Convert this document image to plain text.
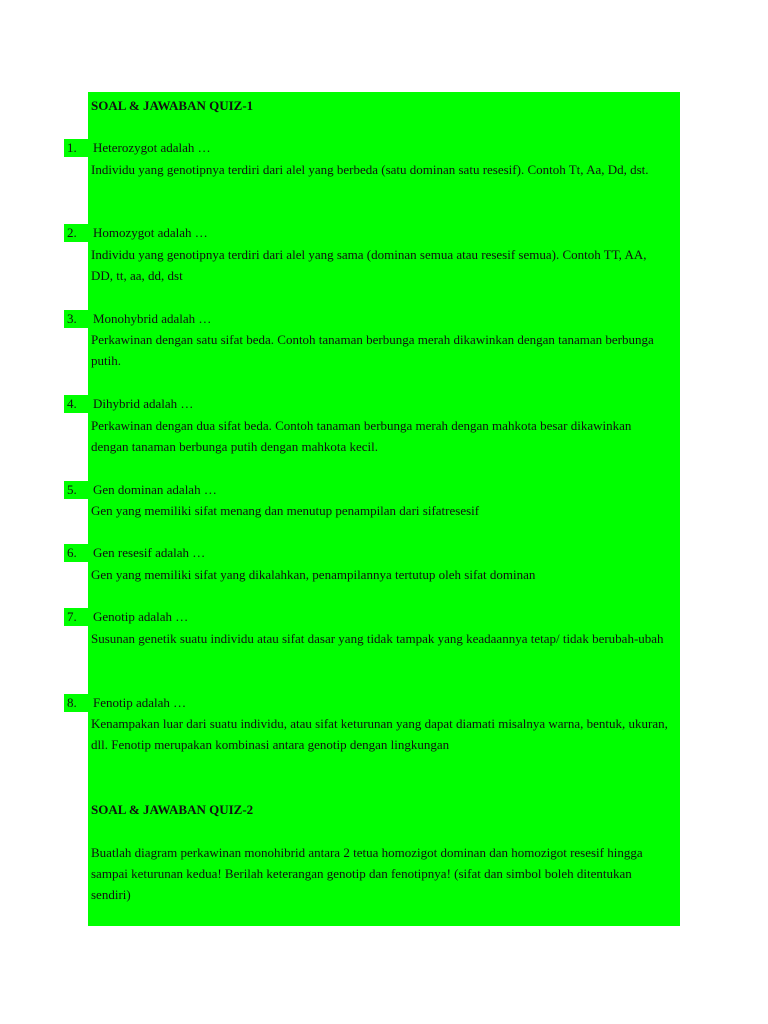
SOAL & JAWABAN QUIZ-1
1. Heterozygot adalah …
Individu yang genotipnya terdiri dari alel yang berbeda (satu dominan satu resesif). Contoh Tt, Aa, Dd, dst.
2. Homozygot adalah …
Individu yang genotipnya terdiri dari alel yang sama (dominan semua atau resesif semua). Contoh TT, AA, DD, tt, aa, dd, dst
3. Monohybrid adalah …
Perkawinan dengan satu sifat beda. Contoh tanaman berbunga merah dikawinkan dengan tanaman berbunga putih.
4. Dihybrid adalah …
Perkawinan dengan dua sifat beda. Contoh tanaman berbunga merah dengan mahkota besar dikawinkan dengan tanaman berbunga putih dengan mahkota kecil.
5. Gen dominan adalah …
Gen yang memiliki sifat menang dan menutup penampilan dari sifatresesif
6. Gen resesif adalah …
Gen yang memiliki sifat yang dikalahkan, penampilannya tertutup oleh sifat dominan
7. Genotip adalah …
Susunan genetik suatu individu atau sifat dasar yang tidak tampak yang keadaannya tetap/ tidak berubah-ubah
8. Fenotip adalah …
Kenampakan luar dari suatu individu, atau sifat keturunan yang dapat diamati misalnya warna, bentuk, ukuran, dll. Fenotip merupakan kombinasi antara genotip dengan lingkungan
SOAL & JAWABAN QUIZ-2
Buatlah diagram perkawinan monohibrid antara 2 tetua homozigot dominan dan homozigot resesif hingga sampai keturunan kedua! Berilah keterangan genotip dan fenotipnya! (sifat dan simbol boleh ditentukan sendiri)
